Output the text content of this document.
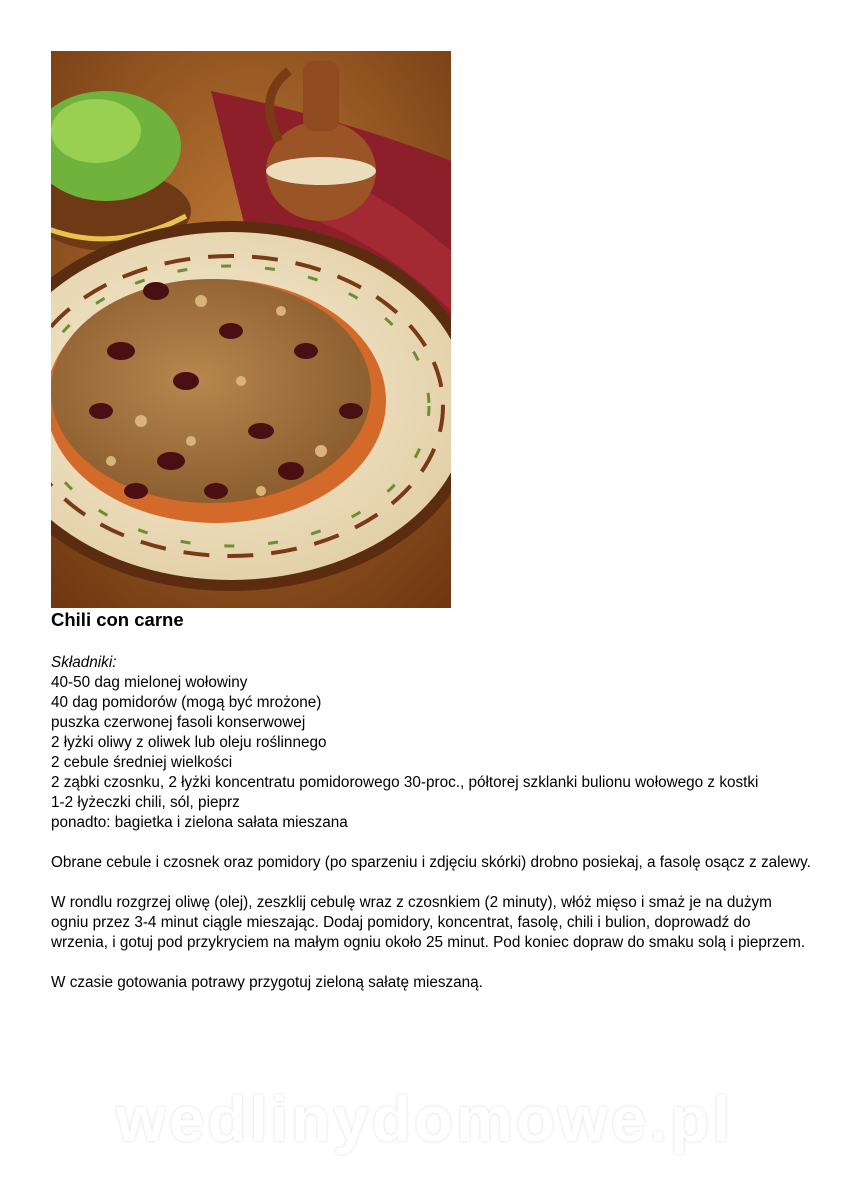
Chili con carne
Składniki:
40-50 dag mielonej wołowiny
40 dag pomidorów (mogą być mrożone)
puszka czerwonej fasoli konserwowej
2 łyżki oliwy z oliwek lub oleju roślinnego
2 cebule średniej wielkości
2 ząbki czosnku, 2 łyżki koncentratu pomidorowego 30-proc., półtorej szklanki bulionu wołowego z kostki
1-2 łyżeczki chili, sól, pieprz
ponadto: bagietka i zielona sałata mieszana
Obrane cebule i czosnek oraz pomidory (po sparzeniu i zdjęciu skórki) drobno posiekaj, a fasolę osącz z zalewy.
W rondlu rozgrzej oliwę (olej), zeszklij cebulę wraz z czosnkiem (2 minuty), włóż mięso i smaż je na dużym ogniu przez 3-4 minut ciągle mieszając. Dodaj pomidory, koncentrat, fasolę, chili i bulion, doprowadź do wrzenia, i gotuj pod przykryciem na małym ogniu około 25 minut. Pod koniec dopraw do smaku solą i pieprzem.
W czasie gotowania potrawy przygotuj zieloną sałatę mieszaną.
wedlinydomowe.pl
